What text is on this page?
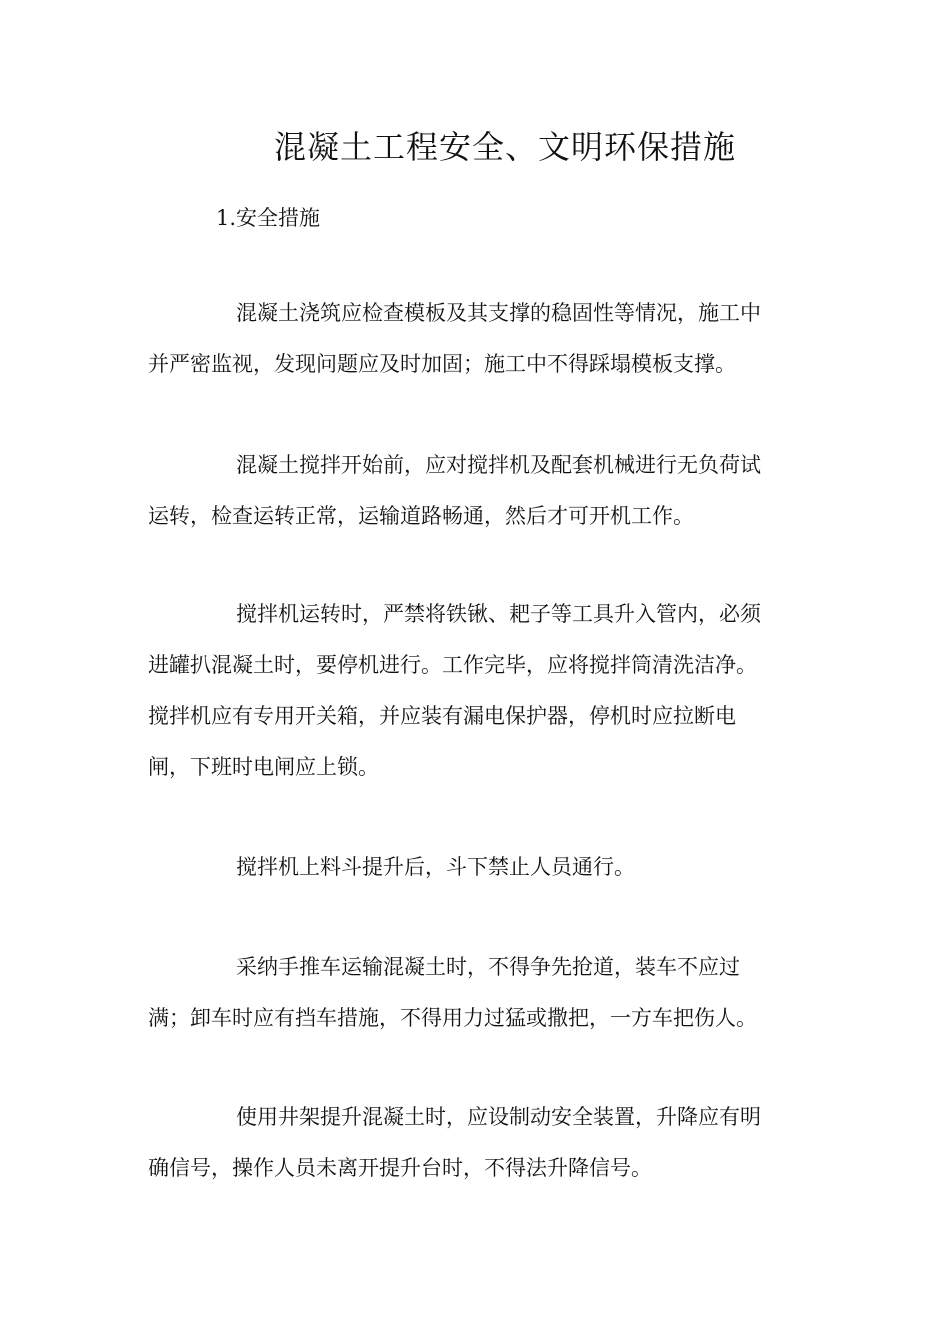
混凝土工程安全、文明环保措施
1.安全措施
混凝土浇筑应检查模板及其支撑的稳固性等情况，施工中
并严密监视，发现问题应及时加固；施工中不得踩塌模板支撑。
混凝土搅拌开始前，应对搅拌机及配套机械进行无负荷试
运转，检查运转正常，运输道路畅通，然后才可开机工作。
搅拌机运转时，严禁将铁锹、耙子等工具升入管内，必须
进罐扒混凝土时，要停机进行。工作完毕，应将搅拌筒清洗洁净。
搅拌机应有专用开关箱，并应装有漏电保护器，停机时应拉断电
闸，下班时电闸应上锁。
搅拌机上料斗提升后，斗下禁止人员通行。
采纳手推车运输混凝土时，不得争先抢道，装车不应过
满；卸车时应有挡车措施，不得用力过猛或撒把，一方车把伤人。
使用井架提升混凝土时，应设制动安全装置，升降应有明
确信号，操作人员未离开提升台时，不得法升降信号。
